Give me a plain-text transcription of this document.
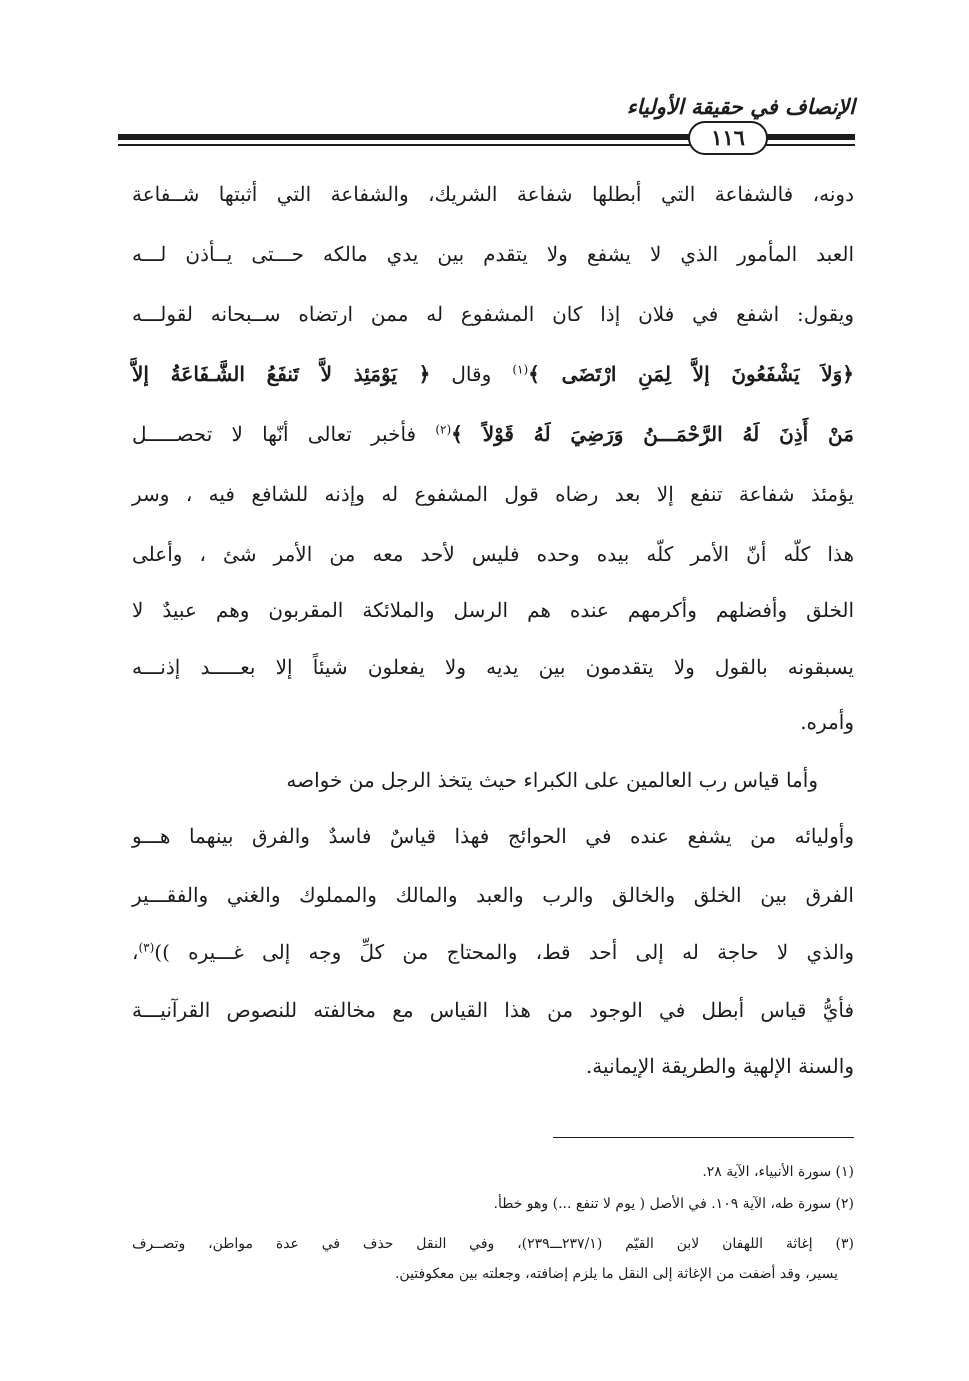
الإنصاف في حقيقة الأولياء
١١٦
دونه، فالشفاعة التي أبطلها شفاعة الشريك، والشفاعة التي أثبتها شــفاعة
العبد المأمور الذي لا يشفع ولا يتقدم بين يدي مالكه حـــتى يــأذن لـــه
ويقول: اشفع في فلان إذا كان المشفوع له ممن ارتضاه ســبحانه لقولـــه
﴿وَلاَ يَشْفَعُونَ إلاَّ لِمَنِ ارْتَضَى ﴾$^{(١)}$ وقال ﴿ يَوْمَئِذ لاَّ تَنفَعُ الشَّـفَاعَةُ إلاَّ
مَنْ أَذِنَ لَهُ الرَّحْمَـــنُ وَرَضِيَ لَهُ قَوْلاً ﴾$^{(٢)}$ فأخبر تعالى أنّها لا تحصـــــل
يؤمئذ شفاعة تنفع إلا بعد رضاه قول المشفوع له وإذنه للشافع فيه ، وسر
هذا كلّه أنّ الأمر كلّه بيده وحده فليس لأحد معه من الأمر شئ ، وأعلى
الخلق وأفضلهم وأكرمهم عنده هم الرسل والملائكة المقربون وهم عبيدٌ لا
يسبقونه بالقول ولا يتقدمون بين يديه ولا يفعلون شيئاً إلا بعـــــد إذنـــه
وأمره.
وأما قياس رب العالمين على الكبراء حيث يتخذ الرجل من خواصه
وأوليائه من يشفع عنده في الحوائج فهذا قياسٌ فاسدٌ والفرق بينهما هـــو
الفرق بين الخلق والخالق والرب والعبد والمالك والمملوك والغني والفقـــير
والذي لا حاجة له إلى أحد قط، والمحتاج من كلِّ وجه إلى غـــيره ))$^{(٣)}$،
فأيُّ قياس أبطل في الوجود من هذا القياس مع مخالفته للنصوص القرآنيـــة
والسنة الإلهية والطريقة الإيمانية.
(١) سورة الأنبياء، الآية ٢٨.
(٢) سورة طه، الآية ١٠٩. في الأصل ( يوم لا تنفع ...) وهو خطأ.
(٣) إغاثة اللهفان لابن القيّم (٢٣٧/١ـــ٢٣٩)، وفي النقل حذف في عدة مواطن، وتصــرف
يسير، وقد أضفت من الإغاثة إلى النقل ما يلزم إضافته، وجعلته بين معكوفتين.
